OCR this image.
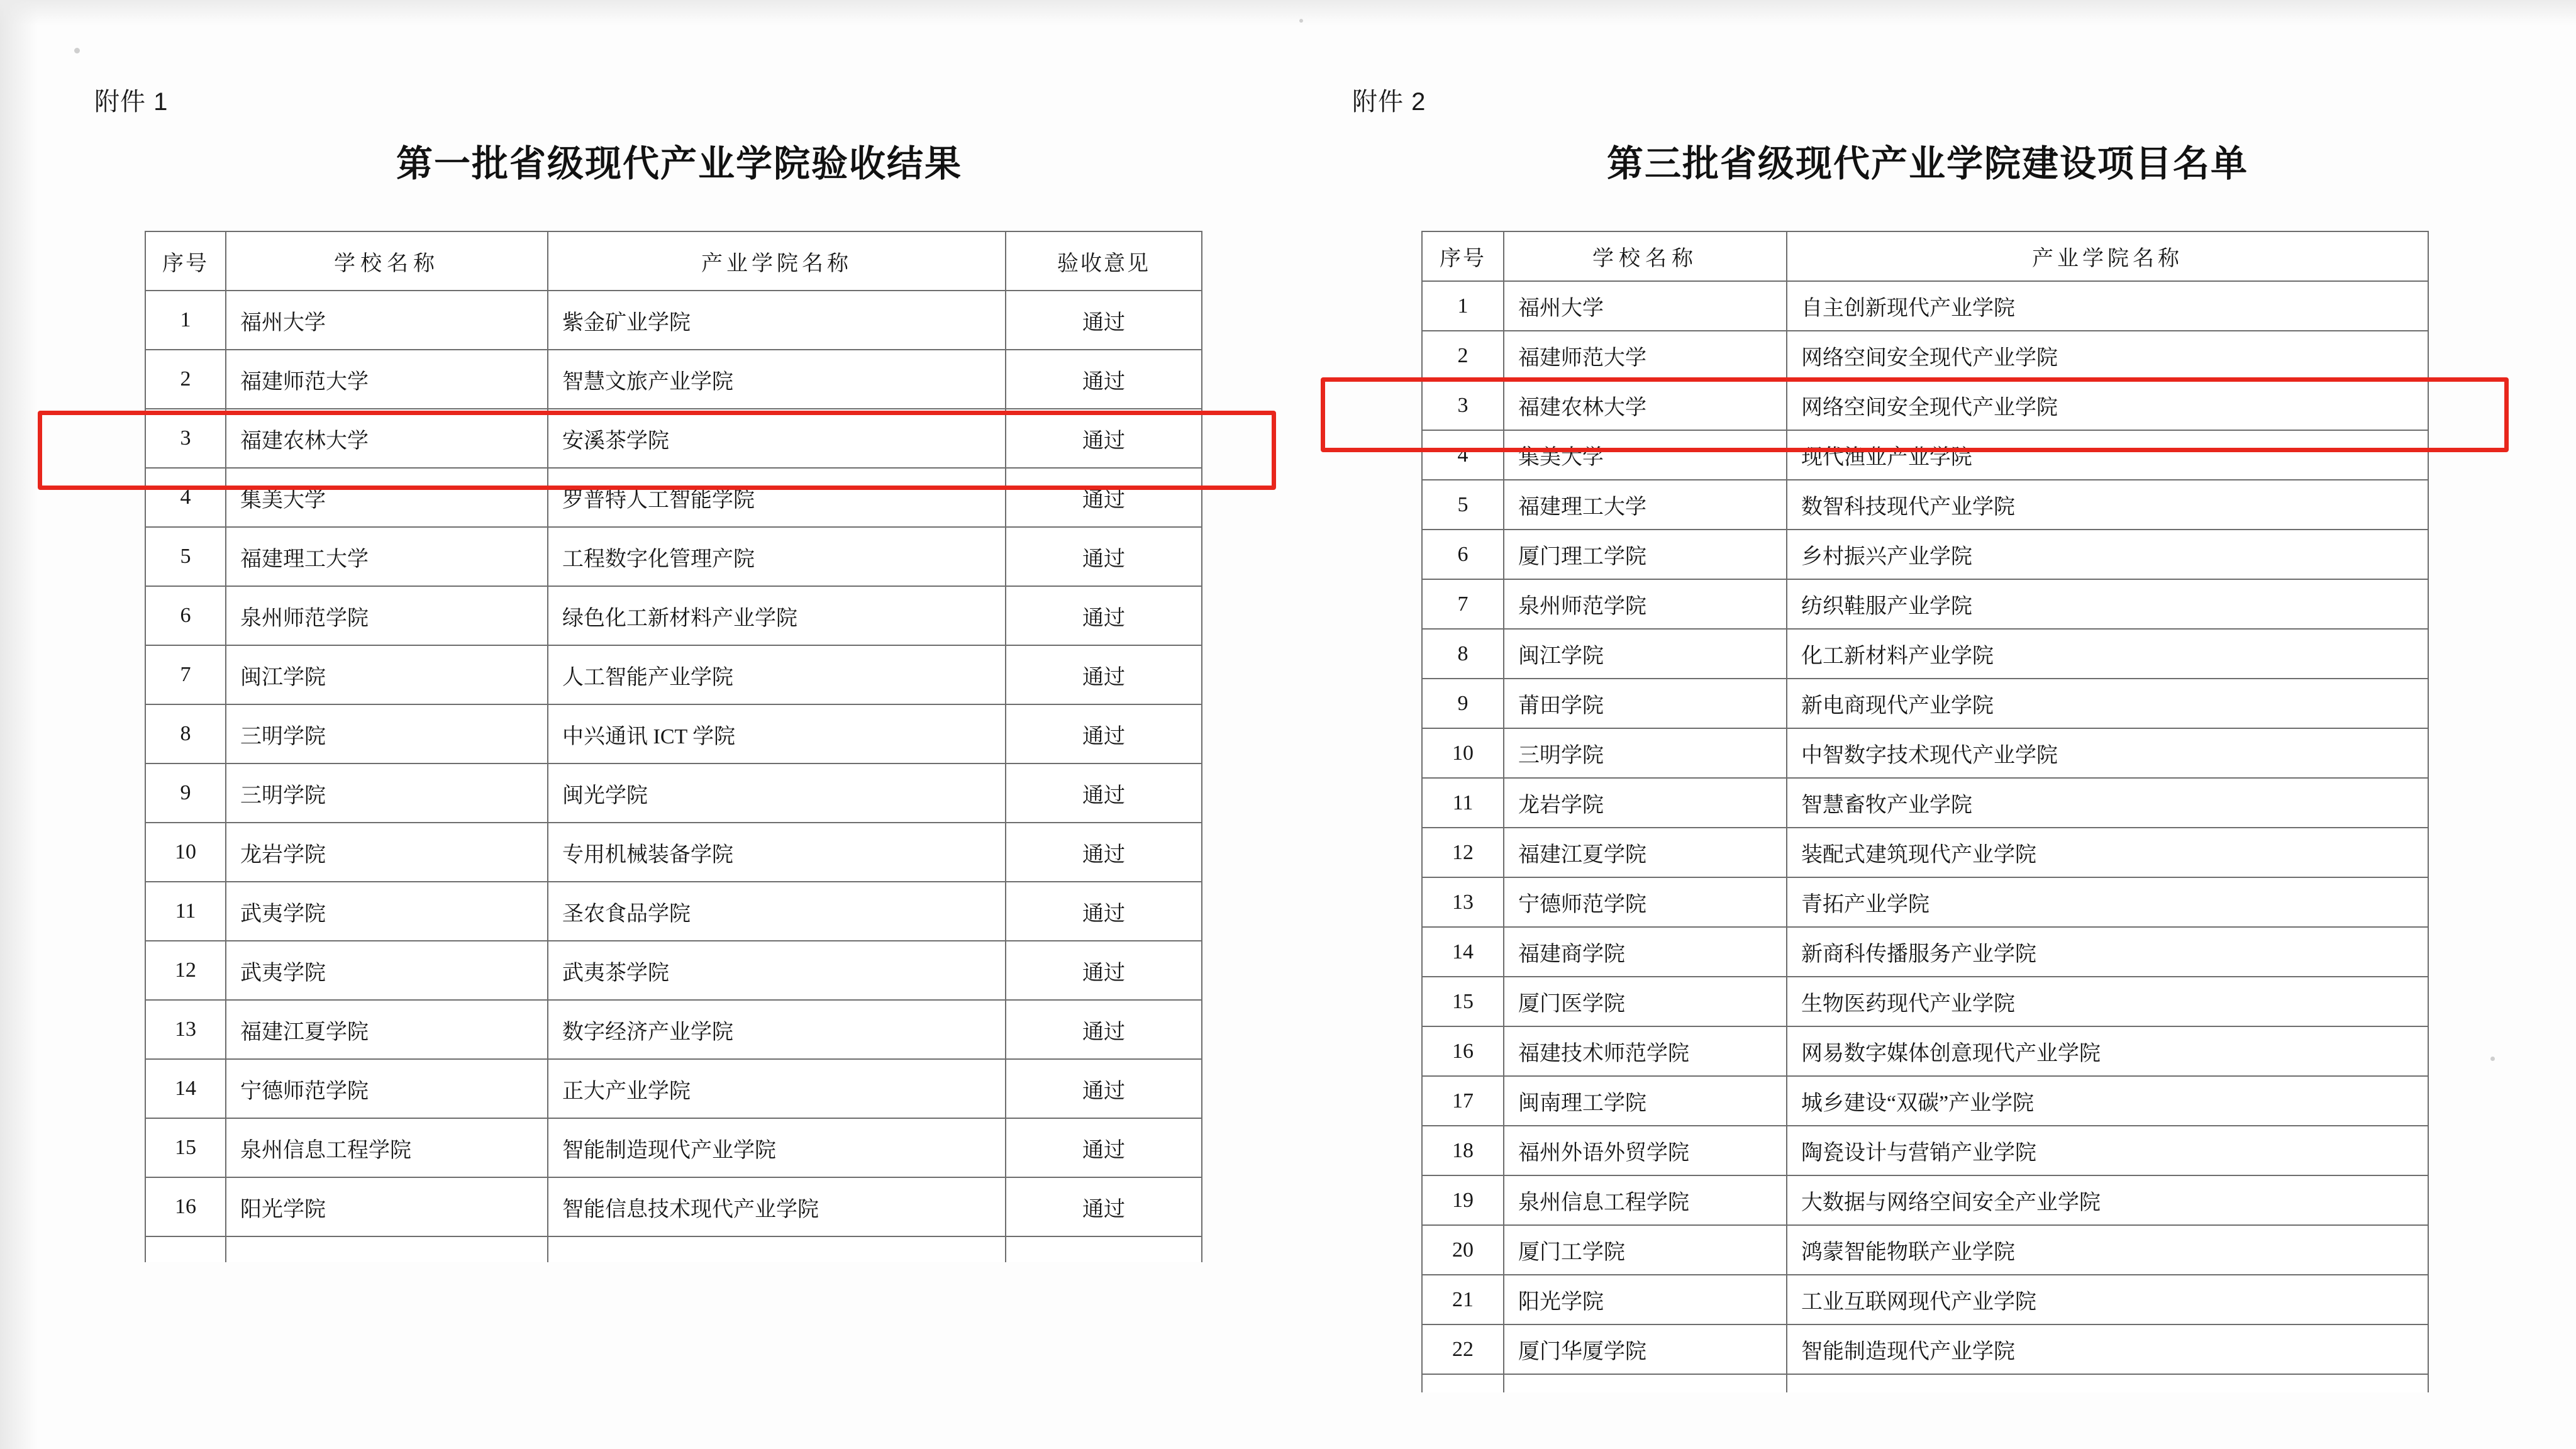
附件 1
第一批省级现代产业学院验收结果
序号	学校名称	产业学院名称	验收意见
1	福州大学	紫金矿业学院	通过
2	福建师范大学	智慧文旅产业学院	通过
3	福建农林大学	安溪茶学院	通过
4	集美大学	罗普特人工智能学院	通过
5	福建理工大学	工程数字化管理产院	通过
6	泉州师范学院	绿色化工新材料产业学院	通过
7	闽江学院	人工智能产业学院	通过
8	三明学院	中兴通讯 ICT 学院	通过
9	三明学院	闽光学院	通过
10	龙岩学院	专用机械装备学院	通过
11	武夷学院	圣农食品学院	通过
12	武夷学院	武夷茶学院	通过
13	福建江夏学院	数字经济产业学院	通过
14	宁德师范学院	正大产业学院	通过
15	泉州信息工程学院	智能制造现代产业学院	通过
16	阳光学院	智能信息技术现代产业学院	通过

附件 2
第三批省级现代产业学院建设项目名单
序号	学校名称	产业学院名称
1	福州大学	自主创新现代产业学院
2	福建师范大学	网络空间安全现代产业学院
3	福建农林大学	网络空间安全现代产业学院
4	集美大学	现代渔业产业学院
5	福建理工大学	数智科技现代产业学院
6	厦门理工学院	乡村振兴产业学院
7	泉州师范学院	纺织鞋服产业学院
8	闽江学院	化工新材料产业学院
9	莆田学院	新电商现代产业学院
10	三明学院	中智数字技术现代产业学院
11	龙岩学院	智慧畜牧产业学院
12	福建江夏学院	装配式建筑现代产业学院
13	宁德师范学院	青拓产业学院
14	福建商学院	新商科传播服务产业学院
15	厦门医学院	生物医药现代产业学院
16	福建技术师范学院	网易数字媒体创意现代产业学院
17	闽南理工学院	城乡建设“双碳”产业学院
18	福州外语外贸学院	陶瓷设计与营销产业学院
19	泉州信息工程学院	大数据与网络空间安全产业学院
20	厦门工学院	鸿蒙智能物联产业学院
21	阳光学院	工业互联网现代产业学院
22	厦门华厦学院	智能制造现代产业学院
